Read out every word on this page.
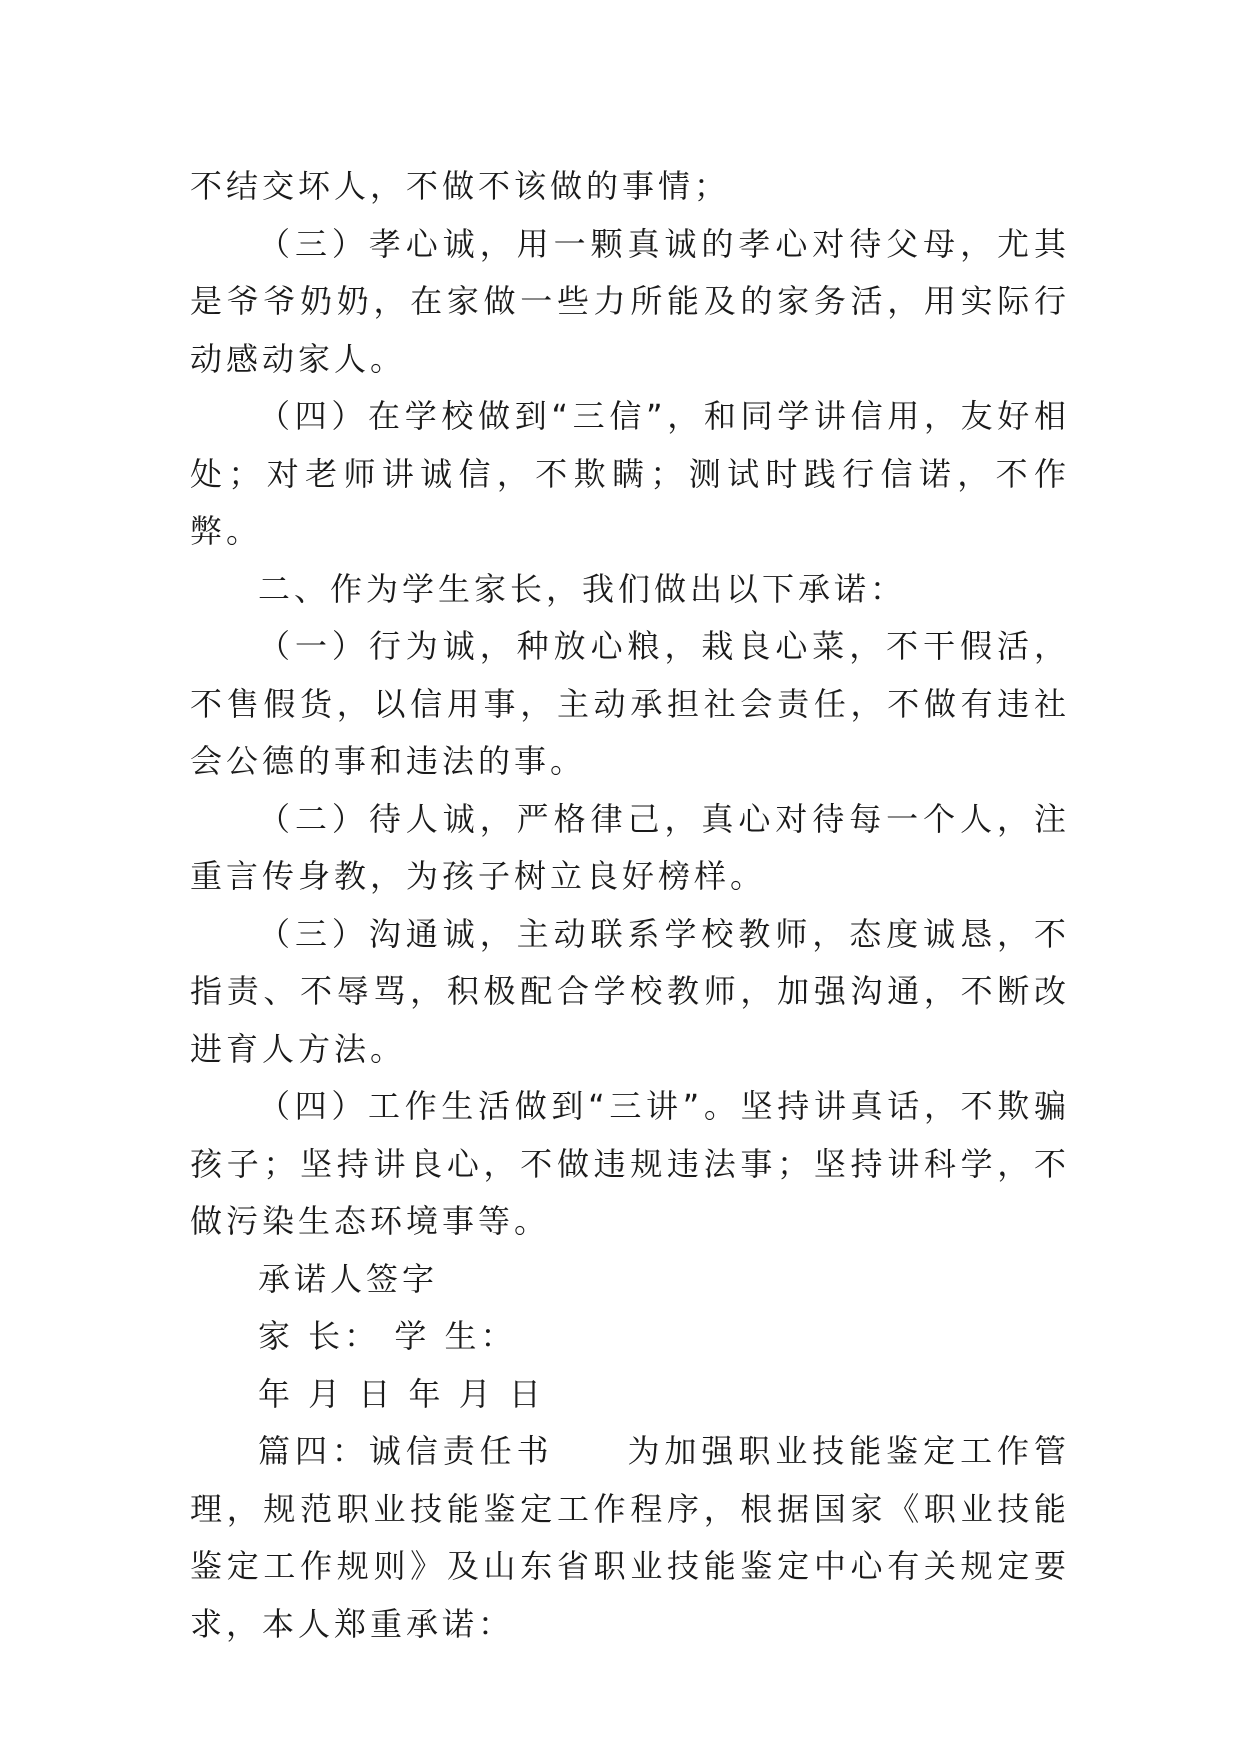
不结交坏人，不做不该做的事情；

（三）孝心诚，用一颗真诚的孝心对待父母，尤其是爷爷奶奶，在家做一些力所能及的家务活，用实际行动感动家人。

（四）在学校做到“三信”，和同学讲信用，友好相处；对老师讲诚信，不欺瞒；测试时践行信诺，不作弊。

二、作为学生家长，我们做出以下承诺：

（一）行为诚，种放心粮，栽良心菜，不干假活，不售假货，以信用事，主动承担社会责任，不做有违社会公德的事和违法的事。

（二）待人诚，严格律己，真心对待每一个人，注重言传身教，为孩子树立良好榜样。

（三）沟通诚，主动联系学校教师，态度诚恳，不指责、不辱骂，积极配合学校教师，加强沟通，不断改进育人方法。

（四）工作生活做到“三讲”。坚持讲真话，不欺骗孩子；坚持讲良心，不做违规违法事；坚持讲科学，不做污染生态环境事等。

承诺人签字

家 长： 学 生：

年 月 日 年 月 日

篇四：诚信责任书　　为加强职业技能鉴定工作管理，规范职业技能鉴定工作程序，根据国家《职业技能鉴定工作规则》及山东省职业技能鉴定中心有关规定要求，本人郑重承诺：
